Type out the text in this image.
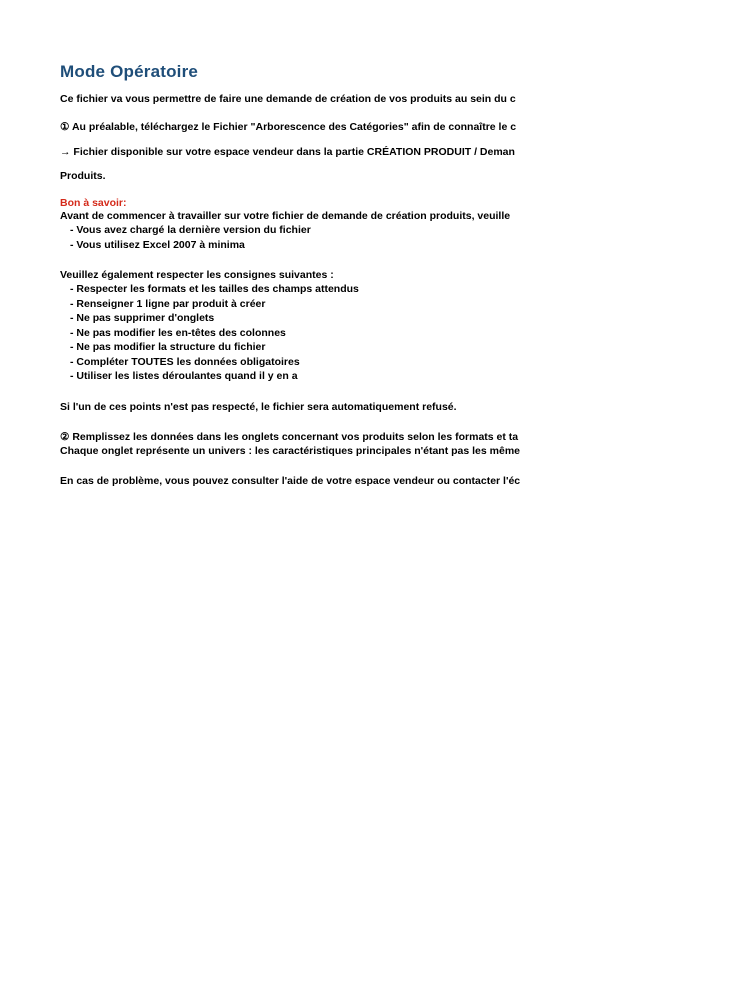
Mode Opératoire

Ce fichier va vous permettre de faire une demande de création de vos produits au sein du c

① Au préalable, téléchargez le Fichier "Arborescence des Catégories" afin de connaître le c

→ Fichier disponible sur votre espace vendeur dans la partie CRÉATION PRODUIT / Deman

Produits.

Bon à savoir:

Avant de commencer à travailler sur votre fichier de demande de création produits, veuille

- Vous avez chargé la dernière version du fichier
- Vous utilisez Excel 2007 à minima

Veuillez également respecter les consignes suivantes :

- Respecter les formats et les tailles des champs attendus
- Renseigner 1 ligne par produit à créer
- Ne pas supprimer d'onglets
- Ne pas modifier les en-têtes des colonnes
- Ne pas modifier la structure du fichier
- Compléter TOUTES les données obligatoires
- Utiliser les listes déroulantes quand il y en a

Si l'un de ces points n'est pas respecté, le fichier sera automatiquement refusé.

② Remplissez les données dans les onglets concernant vos produits selon les formats et ta

Chaque onglet représente un univers : les caractéristiques principales n'étant pas les même

En cas de problème, vous pouvez consulter l'aide de votre espace vendeur ou contacter l'éc
